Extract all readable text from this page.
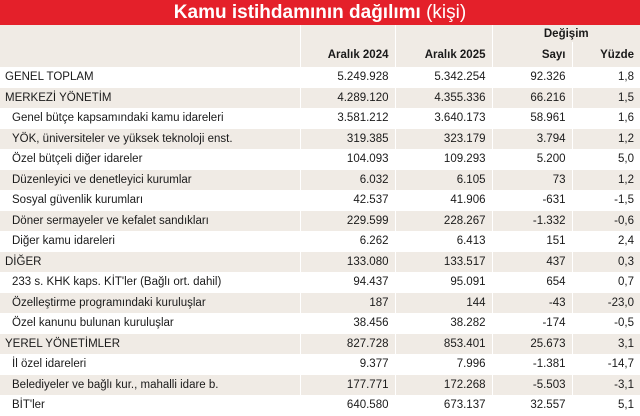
Kamu istihdamının dağılımı (kişi)
			Değişim	
	Aralık 2024	Aralık 2025	Sayı	Yüzde
GENEL TOPLAM	5.249.928	5.342.254	92.326	1,8
MERKEZİ YÖNETİM	4.289.120	4.355.336	66.216	1,5
Genel bütçe kapsamındaki kamu idareleri	3.581.212	3.640.173	58.961	1,6
YÖK, üniversiteler ve yüksek teknoloji enst.	319.385	323.179	3.794	1,2
Özel bütçeli diğer idareler	104.093	109.293	5.200	5,0
Düzenleyici ve denetleyici kurumlar	6.032	6.105	73	1,2
Sosyal güvenlik kurumları	42.537	41.906	-631	-1,5
Döner sermayeler ve kefalet sandıkları	229.599	228.267	-1.332	-0,6
Diğer kamu idareleri	6.262	6.413	151	2,4
DİĞER	133.080	133.517	437	0,3
233 s. KHK kaps. KİT'ler (Bağlı ort. dahil)	94.437	95.091	654	0,7
Özelleştirme programındaki kuruluşlar	187	144	-43	-23,0
Özel kanunu bulunan kuruluşlar	38.456	38.282	-174	-0,5
YEREL YÖNETİMLER	827.728	853.401	25.673	3,1
İl özel idareleri	9.377	7.996	-1.381	-14,7
Belediyeler ve bağlı kur., mahalli idare b.	177.771	172.268	-5.503	-3,1
BİT'ler	640.580	673.137	32.557	5,1
